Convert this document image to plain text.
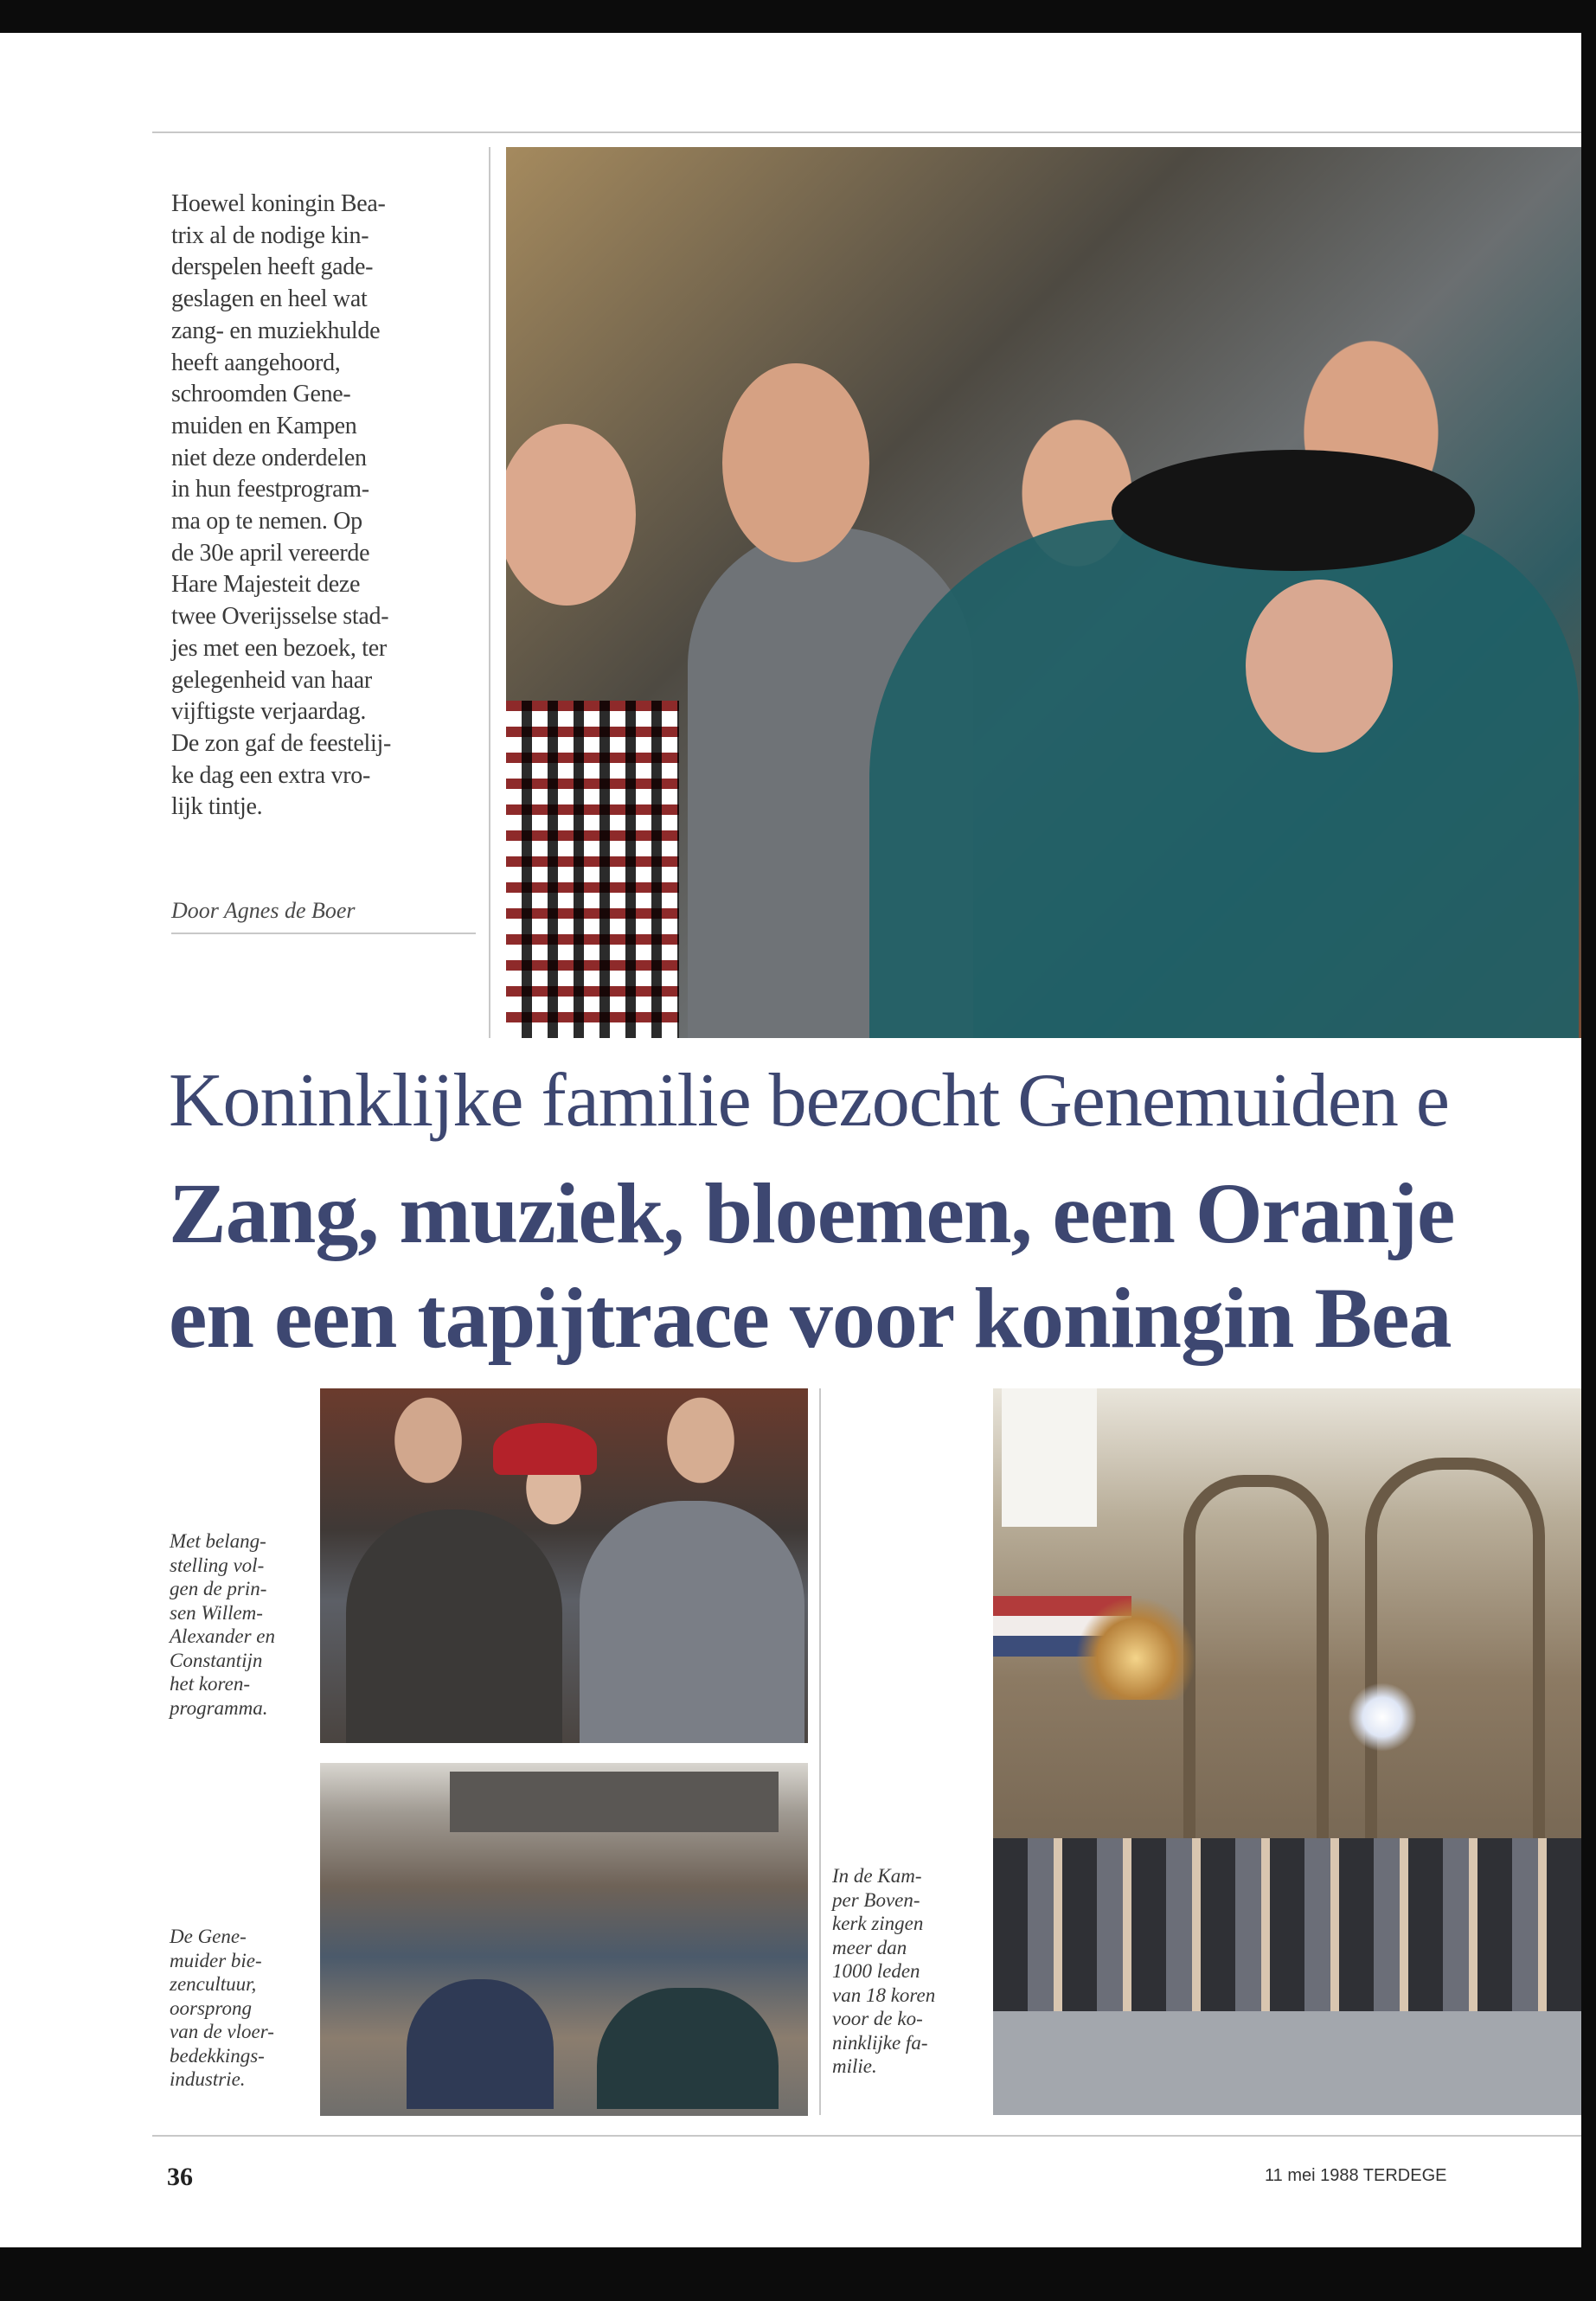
Hoewel koningin Bea-
trix al de nodige kin-
derspelen heeft gade-
geslagen en heel wat
zang- en muziekhulde
heeft aangehoord,
schroomden Gene-
muiden en Kampen
niet deze onderdelen
in hun feestprogram-
ma op te nemen. Op
de 30e april vereerde
Hare Majesteit deze
twee Overijsselse stad-
jes met een bezoek, ter
gelegenheid van haar
vijftigste verjaardag.
De zon gaf de feestelij-
ke dag een extra vro-
lijk tintje.
Door Agnes de Boer
Koninklijke familie bezocht Genemuiden e
Zang, muziek, bloemen, een Oranje
en een tapijtrace voor koningin Bea
Met belang-
stelling vol-
gen de prin-
sen Willem-
Alexander en
Constantijn
het koren-
programma.
De Gene-
muider bie-
zencultuur,
oorsprong
van de vloer-
bedekkings-
industrie.
In de Kam-
per Boven-
kerk zingen
meer dan
1000 leden
van 18 koren
voor de ko-
ninklijke fa-
milie.
36	11 mei 1988 TERDEGE
